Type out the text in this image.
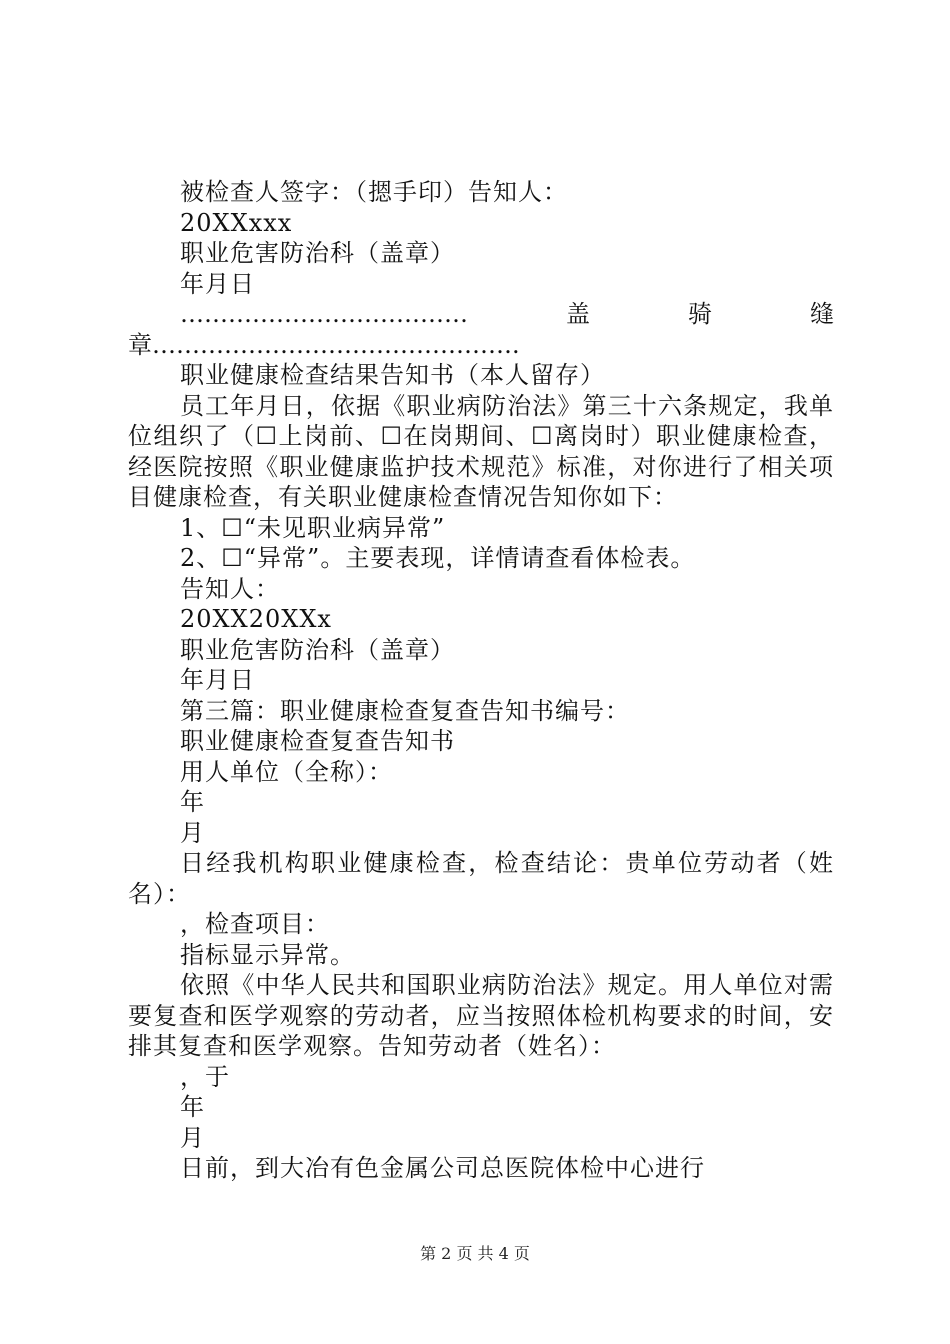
被检查人签字：（摁手印）告知人：

20XXxxx

职业危害防治科（盖章）

年月日

………………………………盖骑缝章……………………………………….

职业健康检查结果告知书（本人留存）

员工年月日，依据《职业病防治法》第三十六条规定，我单位组织了（☐上岗前、☐在岗期间、☐离岗时）职业健康检查，经医院按照《职业健康监护技术规范》标准，对你进行了相关项目健康检查，有关职业健康检查情况告知你如下：

1、☐“未见职业病异常”

2、☐“异常”。主要表现，详情请查看体检表。

告知人：

20XX20XXx

职业危害防治科（盖章）

年月日

第三篇：职业健康检查复查告知书编号：

职业健康检查复查告知书

用人单位（全称）：

年

月

日经我机构职业健康检查，检查结论：贵单位劳动者（姓名）：

，检查项目：

指标显示异常。

依照《中华人民共和国职业病防治法》规定。用人单位对需要复查和医学观察的劳动者，应当按照体检机构要求的时间，安排其复查和医学观察。告知劳动者（姓名）：

，于

年

月

日前，到大冶有色金属公司总医院体检中心进行

第 2 页 共 4 页
